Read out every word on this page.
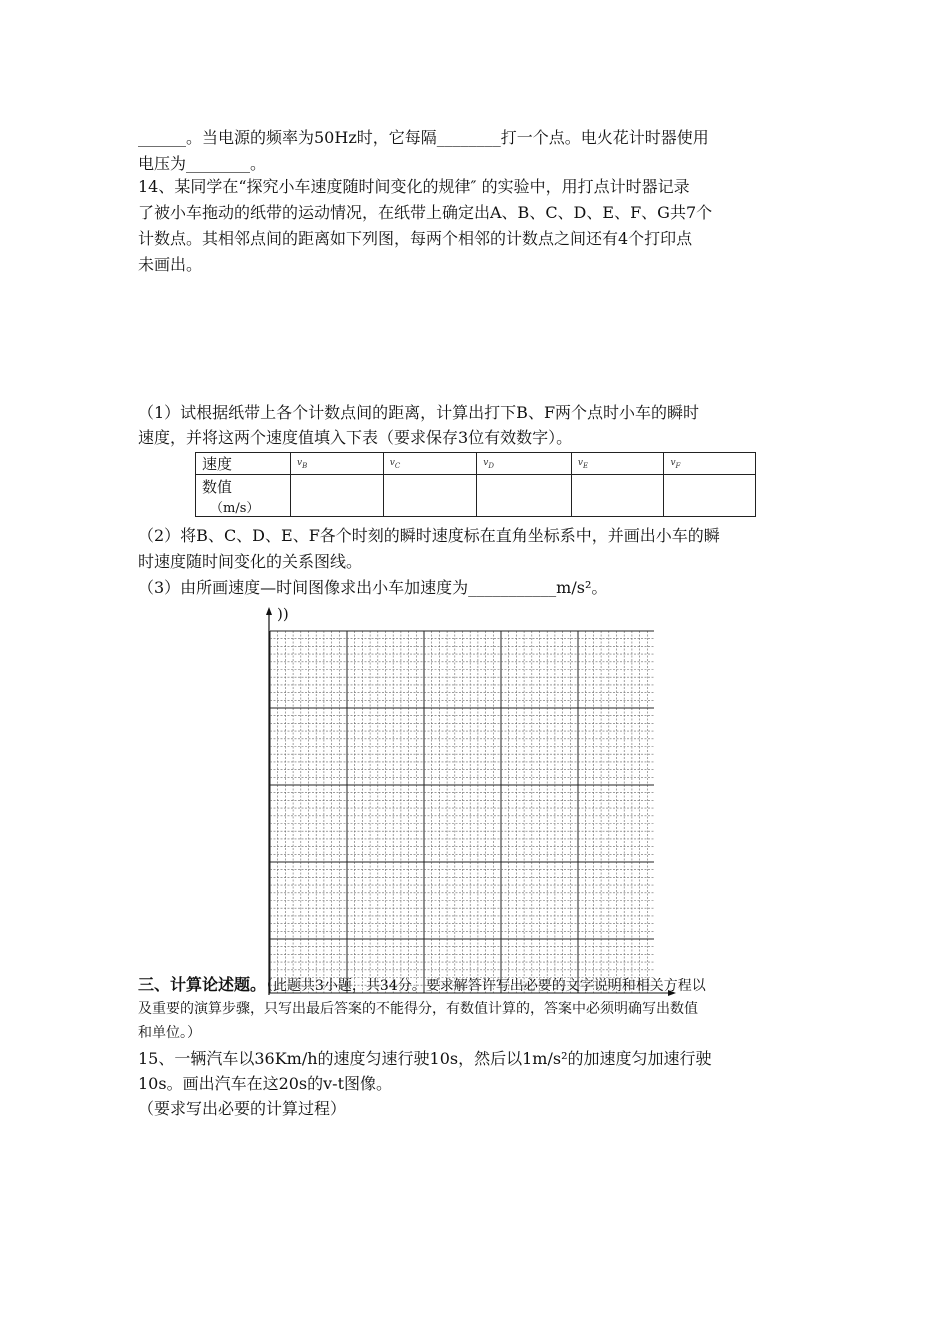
______。当电源的频率为50Hz时，它每隔________打一个点。电火花计时器使用
电压为________。
14、某同学在“探究小车速度随时间变化的规律″ 的实验中，用打点计时器记录
了被小车拖动的纸带的运动情况，在纸带上确定出A、B、C、D、E、F、G共7个
计数点。其相邻点间的距离如下列图，每两个相邻的计数点之间还有4个打印点
未画出。
（1）试根据纸带上各个计数点间的距离，计算出打下B、F两个点时小车的瞬时
速度，并将这两个速度值填入下表（要求保存3位有效数字）。
速度	$v_B$	$v_C$	$v_D$	$v_E$	$v_F$
数值
（m/s）					

（2）将B、C、D、E、F各个时刻的瞬时速度标在直角坐标系中，并画出小车的瞬
时速度随时间变化的关系图线。
（3）由所画速度—时间图像求出小车加速度为___________m/s²。
))
三、计算论述题。（此题共3小题，共34分。要求解答许写出必要的文字说明和相关方程以
及重要的演算步骤，只写出最后答案的不能得分，有数值计算的，答案中必须明确写出数值
和单位。）
15、一辆汽车以36Km/h的速度匀速行驶10s，然后以1m/s²的加速度匀加速行驶
10s。画出汽车在这20s的v-t图像。
（要求写出必要的计算过程）
